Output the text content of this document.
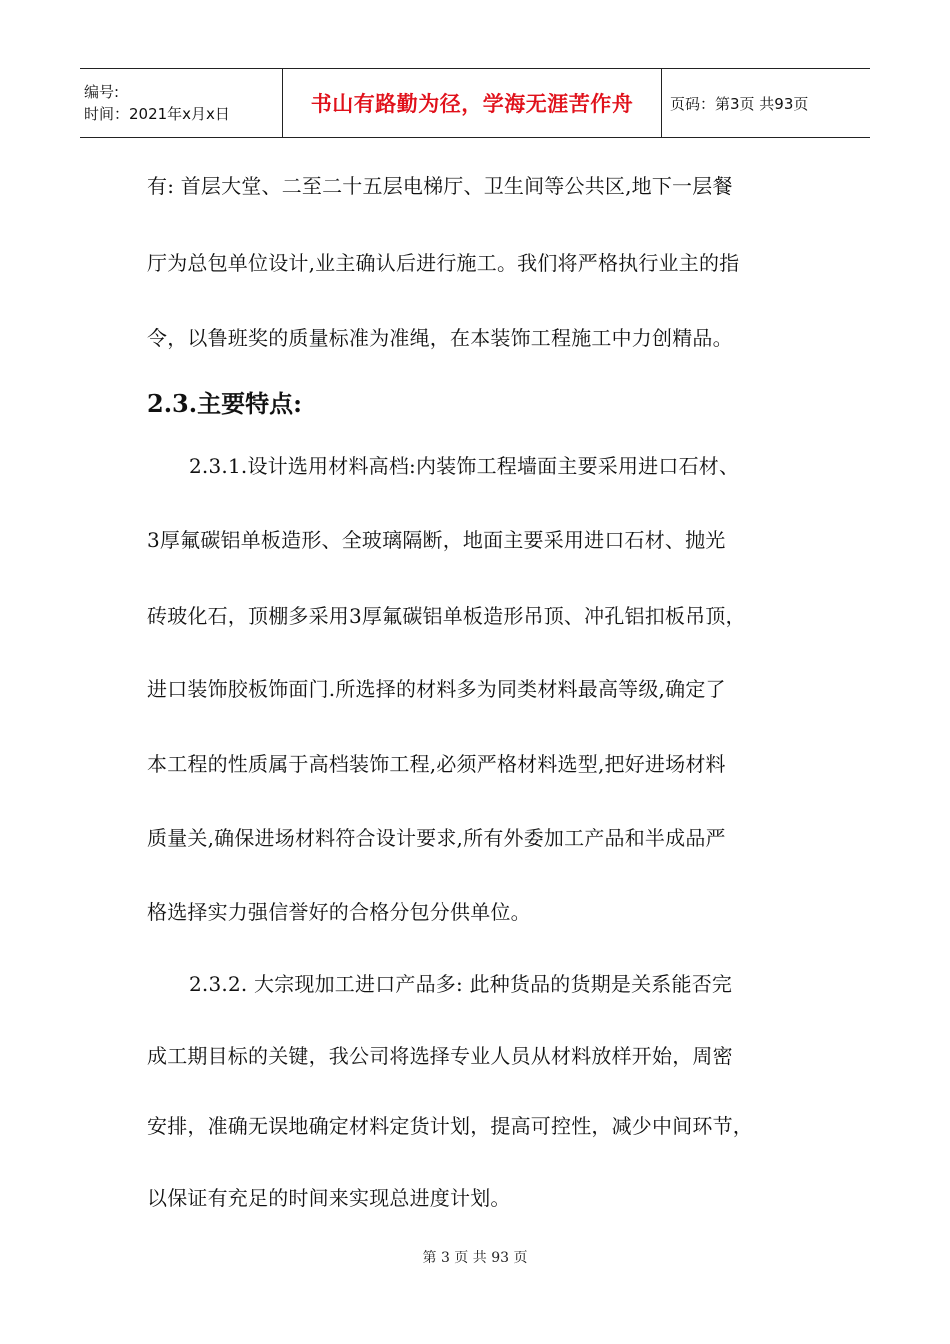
编号:
时间：2021年x月x日	书山有路勤为径，学海无涯苦作舟 页码：第3页 共93页
有: 首层大堂、二至二十五层电梯厅、卫生间等公共区,地下一层餐
厅为总包单位设计,业主确认后进行施工。我们将严格执行业主的指
令，以鲁班奖的质量标准为准绳，在本装饰工程施工中力创精品。
2.3.主要特点:
2.3.1.设计选用材料高档:内装饰工程墙面主要采用进口石材、
3厚氟碳铝单板造形、全玻璃隔断，地面主要采用进口石材、抛光
砖玻化石，顶棚多采用3厚氟碳铝单板造形吊顶、冲孔铝扣板吊顶，
进口装饰胶板饰面门.所选择的材料多为同类材料最高等级,确定了
本工程的性质属于高档装饰工程,必须严格材料选型,把好进场材料
质量关,确保进场材料符合设计要求,所有外委加工产品和半成品严
格选择实力强信誉好的合格分包分供单位。
2.3.2. 大宗现加工进口产品多: 此种货品的货期是关系能否完
成工期目标的关键，我公司将选择专业人员从材料放样开始，周密
安排，准确无误地确定材料定货计划，提高可控性，减少中间环节，
以保证有充足的时间来实现总进度计划。
第 3 页 共 93 页
